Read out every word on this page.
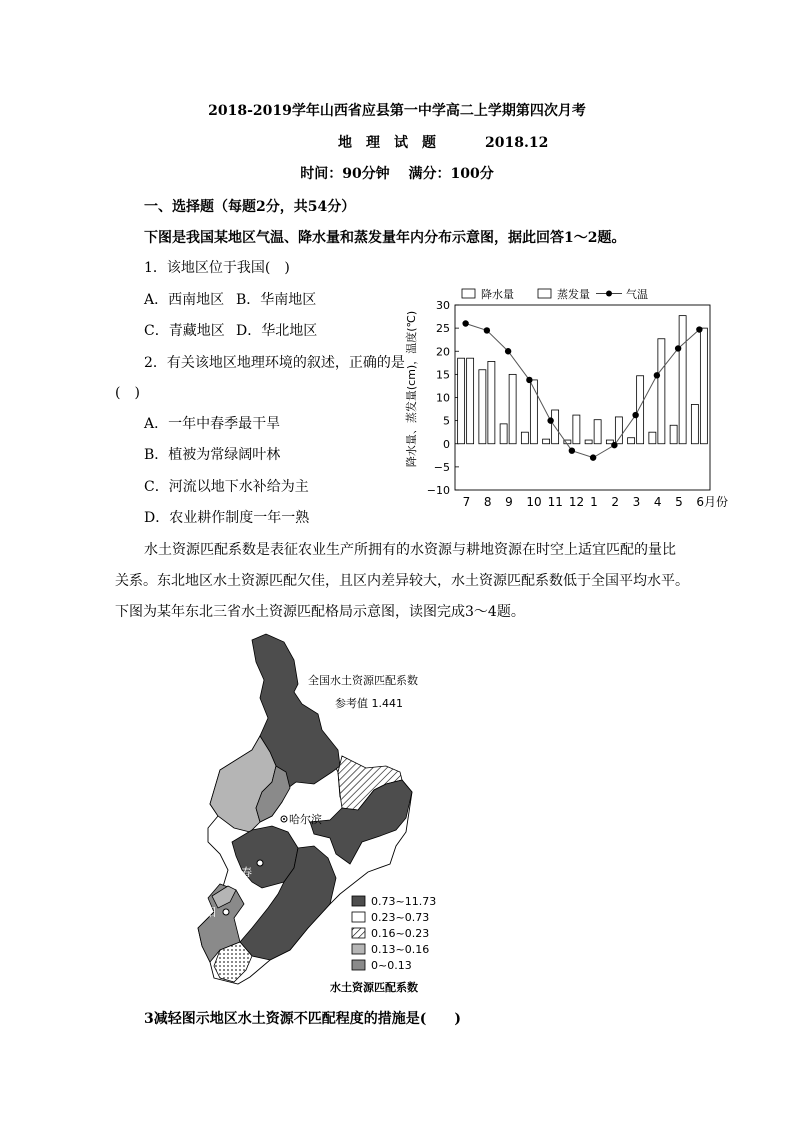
2018-2019学年山西省应县第一中学高二上学期第四次月考
地理试题	2018.12
时间：90分钟　 满分：100分
一、选择题（每题2分，共54分）
下图是我国某地区气温、降水量和蒸发量年内分布示意图，据此回答1～2题。
1．该地区位于我国(　)
A．西南地区 B．华南地区
C．青藏地区 D．华北地区
2．有关该地区地理环境的叙述，正确的是
(　)
A．一年中春季最干旱
B．植被为常绿阔叶林
C．河流以地下水补给为主
D．农业耕作制度一年一熟
降水量	蒸发量	气温
降水量、蒸发量(cm)，温度(℃)
30
25
20
15
10
5
0
−5
−10
7 8 9 10 11 12 1 2 3 4 5 6月份
水土资源匹配系数是表征农业生产所拥有的水资源与耕地资源在时空上适宜匹配的量比
关系。东北地区水土资源匹配欠佳，且区内差异较大，水土资源匹配系数低于全国平均水平。
下图为某年东北三省水土资源匹配格局示意图，读图完成3～4题。
哈尔滨
长春
沈阳
全国水土资源匹配系数
参考值 1.441
0.73~11.73
0.23~0.73
0.16~0.23
0.13~0.16
0~0.13
水土资源匹配系数
3减轻图示地区水土资源不匹配程度的措施是(　　)
